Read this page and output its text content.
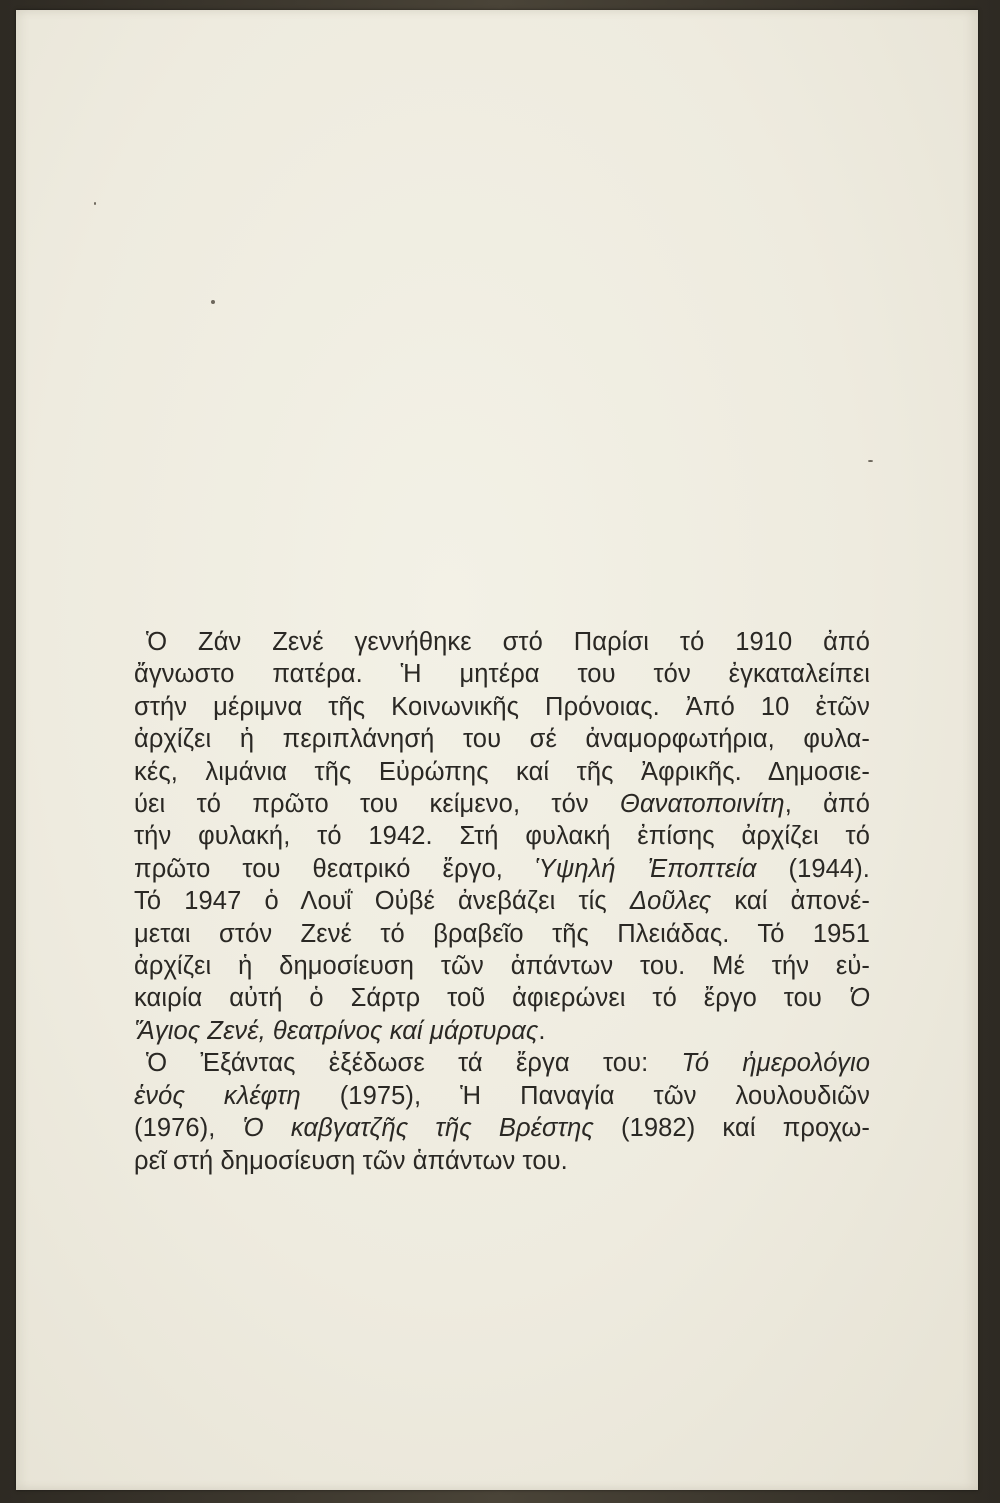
Ὁ Ζάν Ζενέ γεννήθηκε στό Παρίσι τό 1910 ἀπό
ἄγνωστο πατέρα. Ἡ μητέρα του τόν ἐγκαταλείπει
στήν μέριμνα τῆς Κοινωνικῆς Πρόνοιας. Ἀπό 10 ἐτῶν
ἀρχίζει ἡ περιπλάνησή του σέ ἀναμορφωτήρια, φυλα-
κές, λιμάνια τῆς Εὐρώπης καί τῆς Ἀφρικῆς. Δημοσιε-
ύει τό πρῶτο του κείμενο, τόν Θανατοποινίτη, ἀπό
τήν φυλακή, τό 1942. Στή φυλακή ἐπίσης ἀρχίζει τό
πρῶτο του θεατρικό ἔργο, Ὑψηλή Ἐποπτεία (1944).
Τό 1947 ὁ Λουΐ Οὐβέ ἀνεβάζει τίς Δοῦλες καί ἀπονέ-
μεται στόν Ζενέ τό βραβεῖο τῆς Πλειάδας. Τό 1951
ἀρχίζει ἡ δημοσίευση τῶν ἁπάντων του. Μέ τήν εὐ-
καιρία αὐτή ὁ Σάρτρ τοῦ ἀφιερώνει τό ἔργο του Ὁ
Ἅγιος Ζενέ, θεατρίνος καί μάρτυρας.
Ὁ Ἐξάντας ἐξέδωσε τά ἔργα του: Τό ἡμερολόγιο
ἑνός κλέφτη (1975), Ἡ Παναγία τῶν λουλουδιῶν
(1976), Ὁ καβγατζῆς τῆς Βρέστης (1982) καί προχω-
ρεῖ στή δημοσίευση τῶν ἁπάντων του.
